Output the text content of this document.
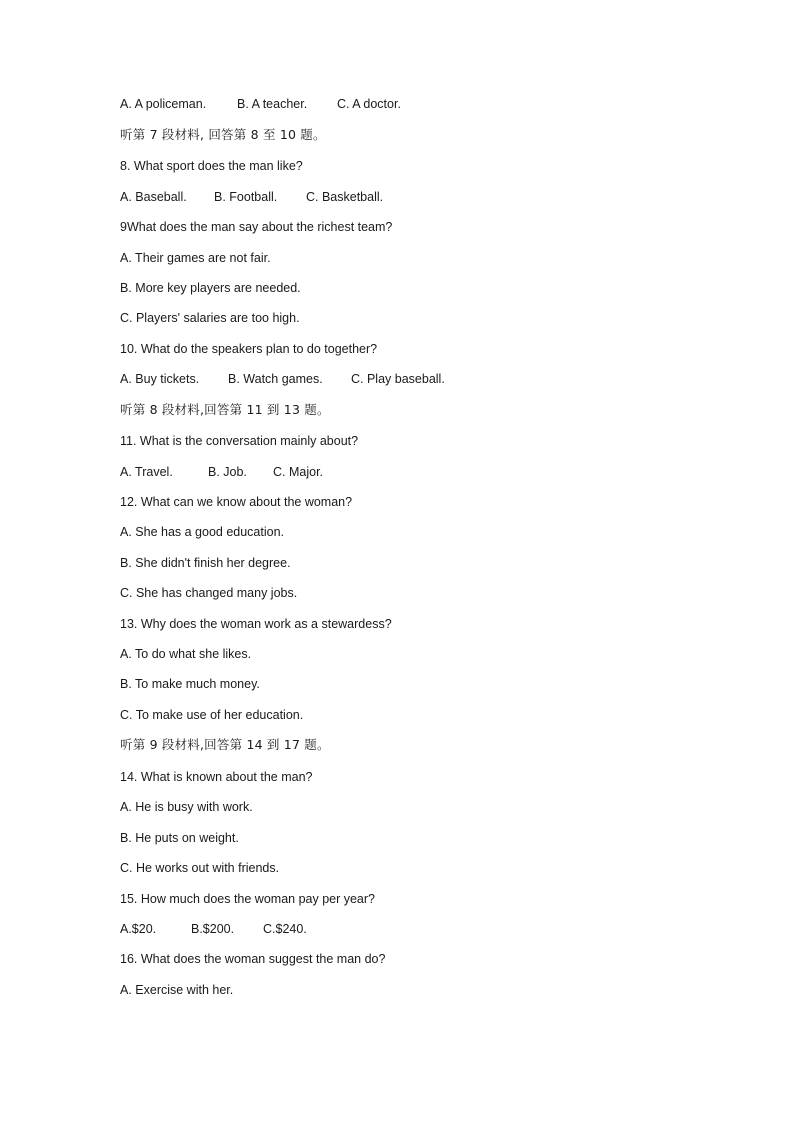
A. A policeman. B. A teacher. C. A doctor.
听第 7 段材料, 回答第 8 至 10 题。
8. What sport does the man like?
A. Baseball. B. Football. C. Basketball.
9What does the man say about the richest team?
A. Their games are not fair.
B. More key players are needed.
C. Players' salaries are too high.
10. What do the speakers plan to do together?
A. Buy tickets. B. Watch games. C. Play baseball.
听第 8 段材料,回答第 11 到 13 题。
11. What is the conversation mainly about?
A. Travel.	B. Job. C. Major.
12. What can we know about the woman?
A. She has a good education.
B. She didn't finish her degree.
C. She has changed many jobs.
13. Why does the woman work as a stewardess?
A. To do what she likes.
B. To make much money.
C. To make use of her education.
听第 9 段材料,回答第 14 到 17 题。
14. What is known about the man?
A. He is busy with work.
B. He puts on weight.
C. He works out with friends.
15. How much does the woman pay per year?
A.$20.	B.$200. C.$240.
16. What does the woman suggest the man do?
A. Exercise with her.
